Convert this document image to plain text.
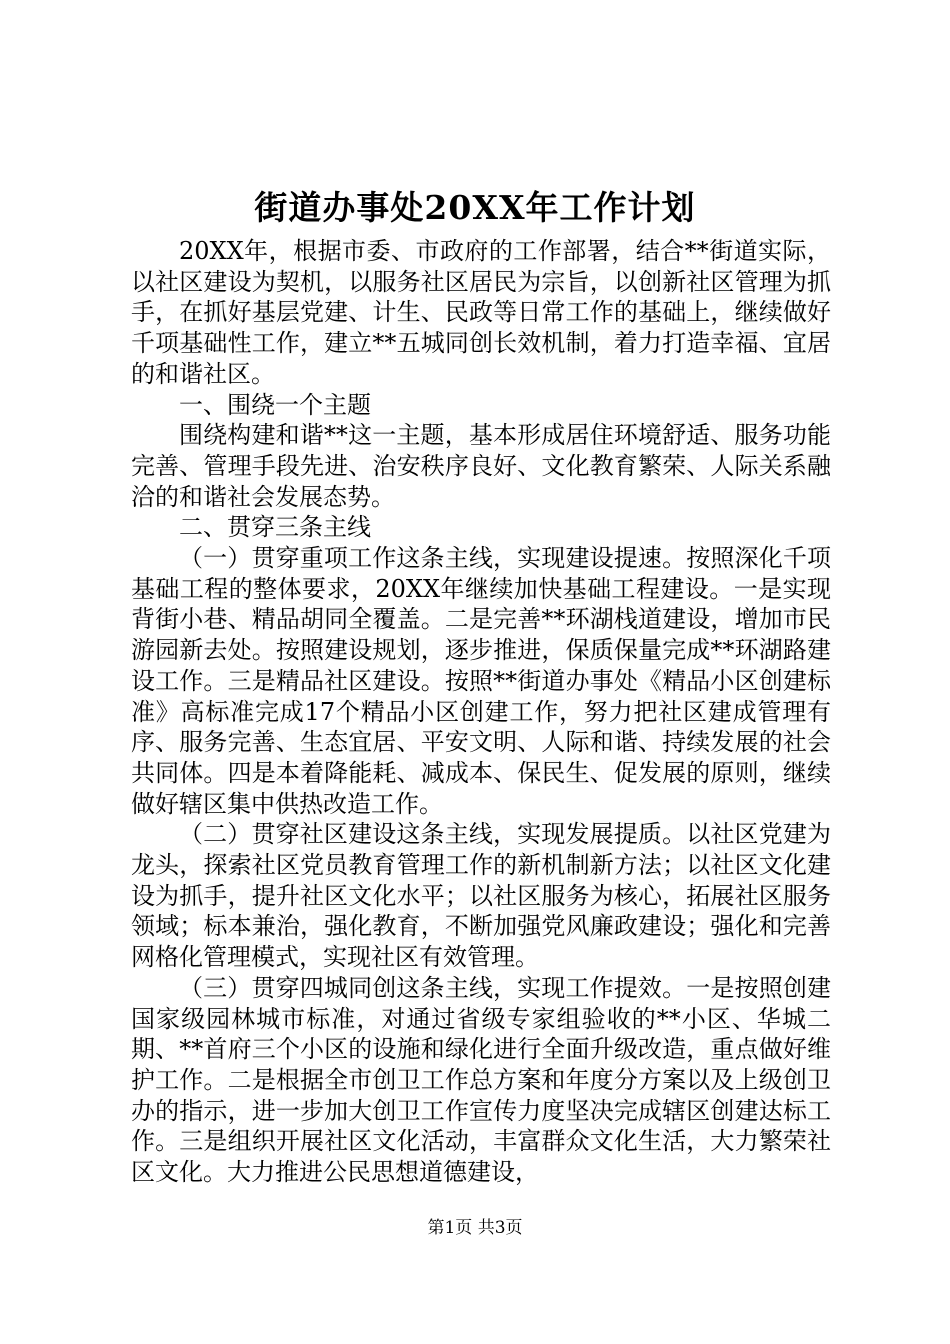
街道办事处20XX年工作计划

20XX年，根据市委、市政府的工作部署，结合**街道实际，以社区建设为契机，以服务社区居民为宗旨，以创新社区管理为抓手，在抓好基层党建、计生、民政等日常工作的基础上，继续做好千项基础性工作，建立**五城同创长效机制，着力打造幸福、宜居的和谐社区。

一、围绕一个主题

围绕构建和谐**这一主题，基本形成居住环境舒适、服务功能完善、管理手段先进、治安秩序良好、文化教育繁荣、人际关系融洽的和谐社会发展态势。

二、贯穿三条主线

（一）贯穿重项工作这条主线，实现建设提速。按照深化千项基础工程的整体要求，20XX年继续加快基础工程建设。一是实现背街小巷、精品胡同全覆盖。二是完善**环湖栈道建设，增加市民游园新去处。按照建设规划，逐步推进，保质保量完成**环湖路建设工作。三是精品社区建设。按照**街道办事处《精品小区创建标准》高标准完成17个精品小区创建工作，努力把社区建成管理有序、服务完善、生态宜居、平安文明、人际和谐、持续发展的社会共同体。四是本着降能耗、减成本、保民生、促发展的原则，继续做好辖区集中供热改造工作。

（二）贯穿社区建设这条主线，实现发展提质。以社区党建为龙头，探索社区党员教育管理工作的新机制新方法；以社区文化建设为抓手，提升社区文化水平；以社区服务为核心，拓展社区服务领域；标本兼治，强化教育，不断加强党风廉政建设；强化和完善网格化管理模式，实现社区有效管理。

（三）贯穿四城同创这条主线，实现工作提效。一是按照创建国家级园林城市标准，对通过省级专家组验收的**小区、华城二期、**首府三个小区的设施和绿化进行全面升级改造，重点做好维护工作。二是根据全市创卫工作总方案和年度分方案以及上级创卫办的指示，进一步加大创卫工作宣传力度坚决完成辖区创建达标工作。三是组织开展社区文化活动，丰富群众文化生活，大力繁荣社区文化。大力推进公民思想道德建设，

第1页 共3页
